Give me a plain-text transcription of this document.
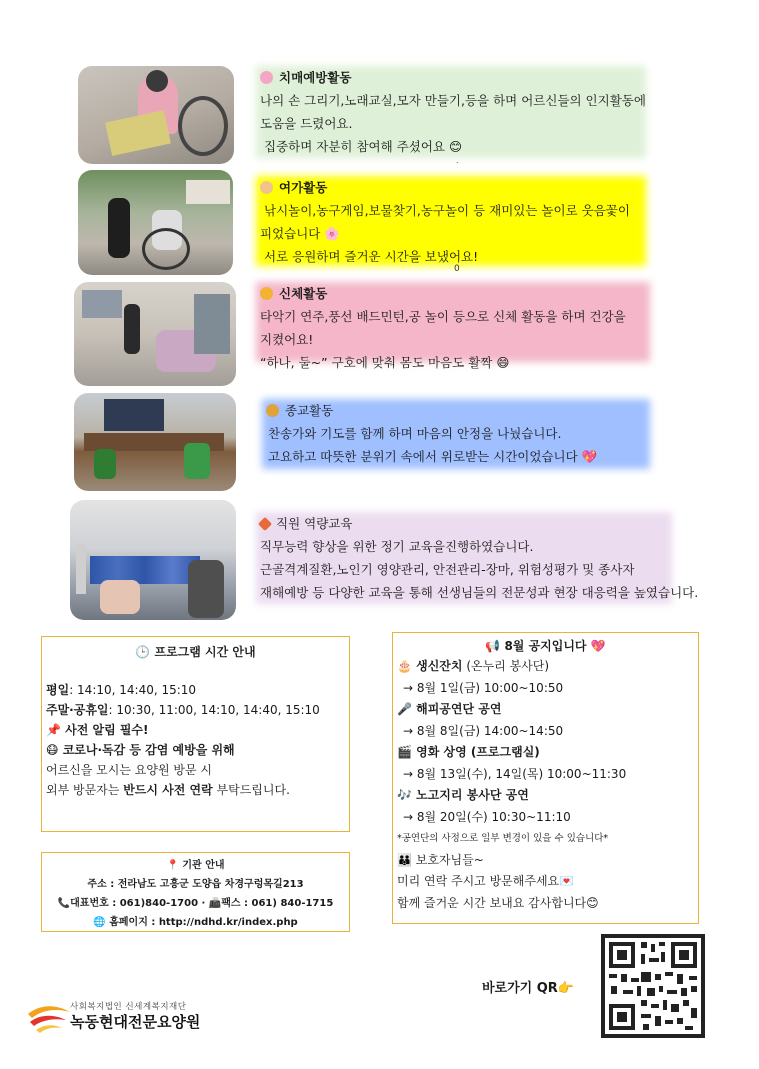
치매예방활동
나의 손 그리기,노래교실,모자 만들기,등을 하며 어르신들의 인지활동에
도움을 드렸어요.
집중하며 자분히 참여해 주셨어요 😊
.
여가활동
낚시놀이,농구게임,보물찾기,농구놀이 등 재미있는 놀이로 웃음꽃이
피었습니다 🌸
서로 응원하며 즐거운 시간을 보냈어요!
0
신체활동
타악기 연주,풍선 배드민턴,공 놀이 등으로 신체 활동을 하며 건강을
지켰어요!
“하나, 둘~” 구호에 맞춰 몸도 마음도 활짝 😄
종교활동
찬송가와 기도를 함께 하며 마음의 안정을 나눴습니다.
고요하고 따뜻한 분위기 속에서 위로받는 시간이었습니다 💖
직원 역량교육
직무능력 향상을 위한 정기 교육을진행하였습니다.
근골격계질환,노인기 영양관리, 안전관리-장마, 위험성평가 및 종사자
재해예방 등 다양한 교육을 통해 선생님들의 전문성과 현장 대응력을 높였습니다.
🕒 프로그램 시간 안내
평일: 14:10, 14:40, 15:10
주말·공휴일: 10:30, 11:00, 14:10, 14:40, 15:10
📌 사전 알림 필수!
😷 코로나·독감 등 감염 예방을 위해
어르신을 모시는 요양원 방문 시
외부 방문자는 반드시 사전 연락 부탁드립니다.
📍 기관 안내
주소 : 전라남도 고흥군 도양읍 차경구렁목길213
📞대표번호 : 061)840-1700 · 📠팩스 : 061) 840-1715
🌐 홈페이지 : http://ndhd.kr/index.php
📢 8월 공지입니다 💖
🎂 생신잔치 (온누리 봉사단)
→ 8월 1일(금) 10:00~10:50
🎤 해피공연단 공연
→ 8월 8일(금) 14:00~14:50
🎬 영화 상영 (프로그램실)
→ 8월 13일(수), 14일(목) 10:00~11:30
🎶 노고지리 봉사단 공연
→ 8월 20일(수) 10:30~11:10
*공연단의 사정으로 일부 변경이 있을 수 있습니다*
👪 보호자님들~
미리 연락 주시고 방문해주세요💌
함께 즐거운 시간 보내요 감사합니다😊
바로가기 QR👉
사회복지법인 신세계복지재단
녹동현대전문요양원
